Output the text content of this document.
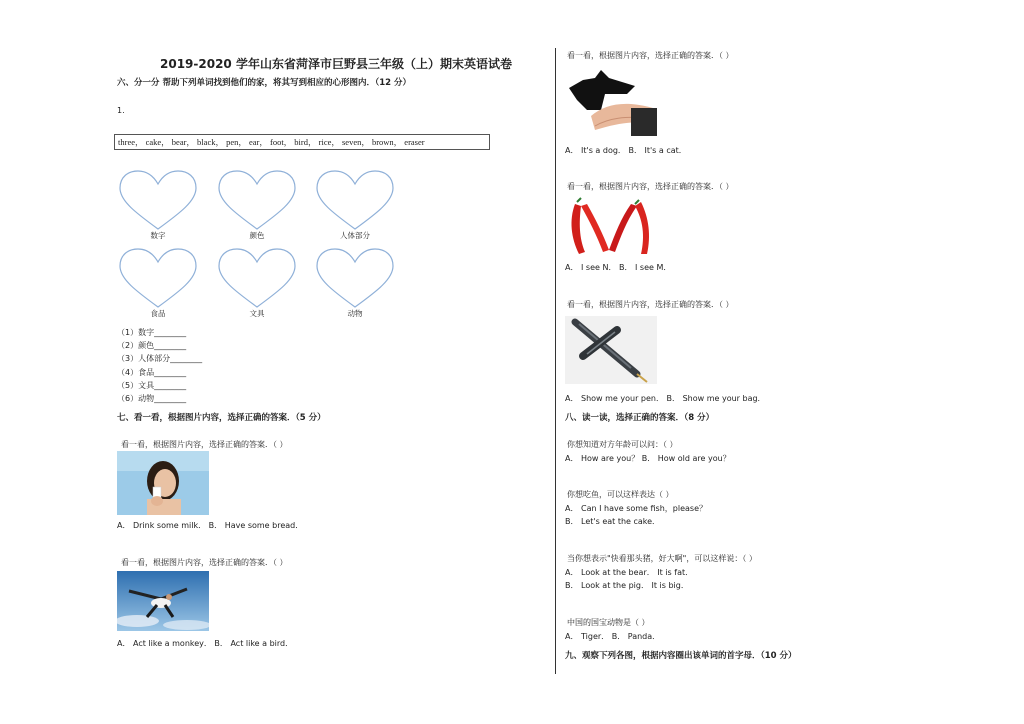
2019-2020 学年山东省菏泽市巨野县三年级（上）期末英语试卷
六、分一分 帮助下列单词找到他们的家，将其写到相应的心形图内．（12 分）
1.
three， cake， bear， black， pen， ear， foot， bird， rice， seven， brown， eraser
数字	颜色	人体部分
食品	文具	动物
（1）数字________
（2）颜色________
（3）人体部分________
（4）食品________
（5）文具________
（6）动物________
七、看一看，根据图片内容，选择正确的答案．（5 分）
看一看，根据图片内容，选择正确的答案．（ ）
A． Drink some milk． B． Have some bread．
看一看，根据图片内容，选择正确的答案．（ ）
A． Act like a monkey． B． Act like a bird．
看一看，根据图片内容，选择正确的答案．（ ）
A． It's a dog． B． It's a cat．
看一看，根据图片内容，选择正确的答案．（ ）
A． I see N． B． I see M．
看一看，根据图片内容，选择正确的答案．（ ）
A． Show me your pen． B． Show me your bag．
八、读一读，选择正确的答案．（8 分）
你想知道对方年龄可以问：（ ）
A． How are you？ B． How old are you？
你想吃鱼，可以这样表达（ ）
A． Can I have some fish，please？
B． Let's eat the cake．
当你想表示"快看那头猪，好大啊"，可以这样说：（ ）
A． Look at the bear． It is fat．
B． Look at the pig． It is big．
中国的国宝动物是（ ）
A． Tiger． B． Panda．
九、观察下列各图，根据内容圈出该单词的首字母．（10 分）
